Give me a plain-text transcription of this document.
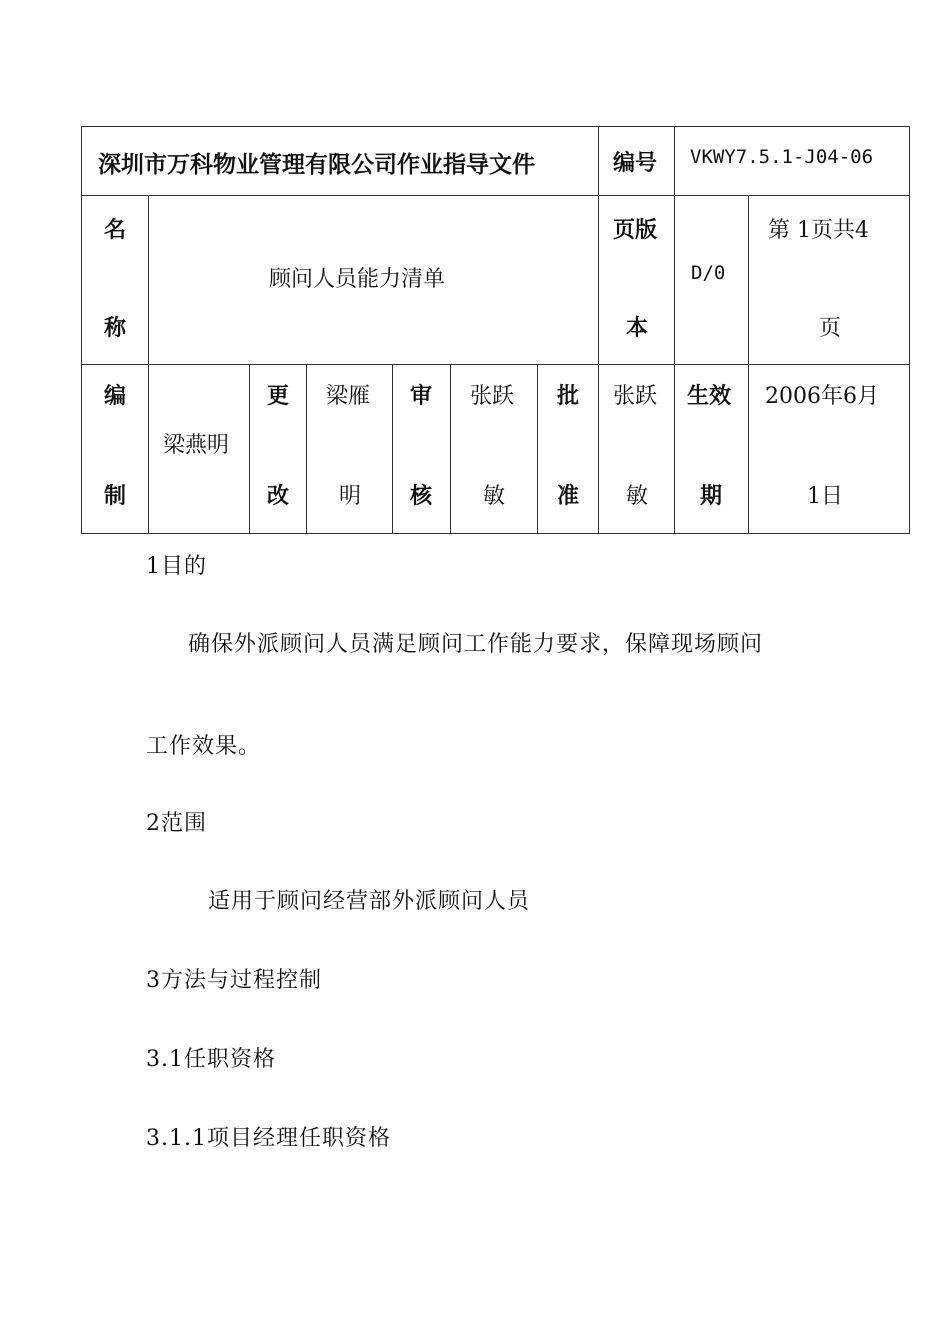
深圳市万科物业管理有限公司作业指导文件	编号 VKWY7.5.1-J04-06
名
称
顾问人员能力清单
页版
本
D/0
第 1页共4
页
编
制
梁燕明
更
改
梁雁
明
审
核
张跃
敏
批
准
张跃
敏
生效
期
2006年6月
1日
1目的
确保外派顾问人员满足顾问工作能力要求，保障现场顾问
工作效果。
2范围
适用于顾问经营部外派顾问人员
3方法与过程控制
3.1任职资格
3.1.1项目经理任职资格
